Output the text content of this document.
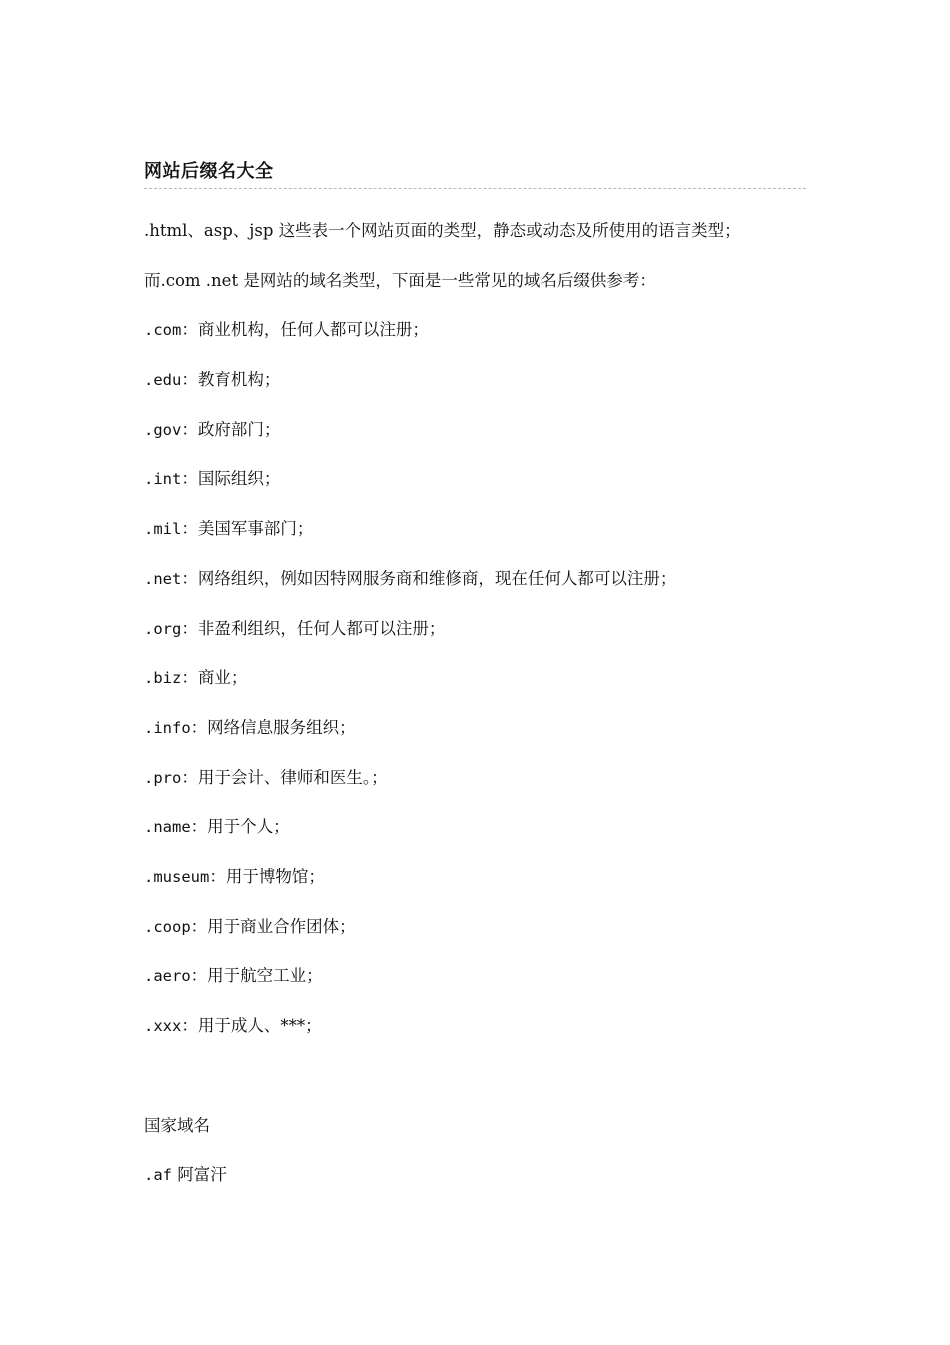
网站后缀名大全
.html、asp、jsp 这些表一个网站页面的类型，静态或动态及所使用的语言类型；
而.com .net 是网站的域名类型，下面是一些常见的域名后缀供参考：
.com：商业机构，任何人都可以注册；
.edu：教育机构；
.gov：政府部门；
.int：国际组织；
.mil：美国军事部门；
.net：网络组织，例如因特网服务商和维修商，现在任何人都可以注册；
.org：非盈利组织，任何人都可以注册；
.biz：商业；
.info：网络信息服务组织；
.pro：用于会计、律师和医生。；
.name：用于个人；
.museum：用于博物馆；
.coop：用于商业合作团体；
.aero：用于航空工业；
.xxx：用于成人、***；
国家域名
.af 阿富汗
